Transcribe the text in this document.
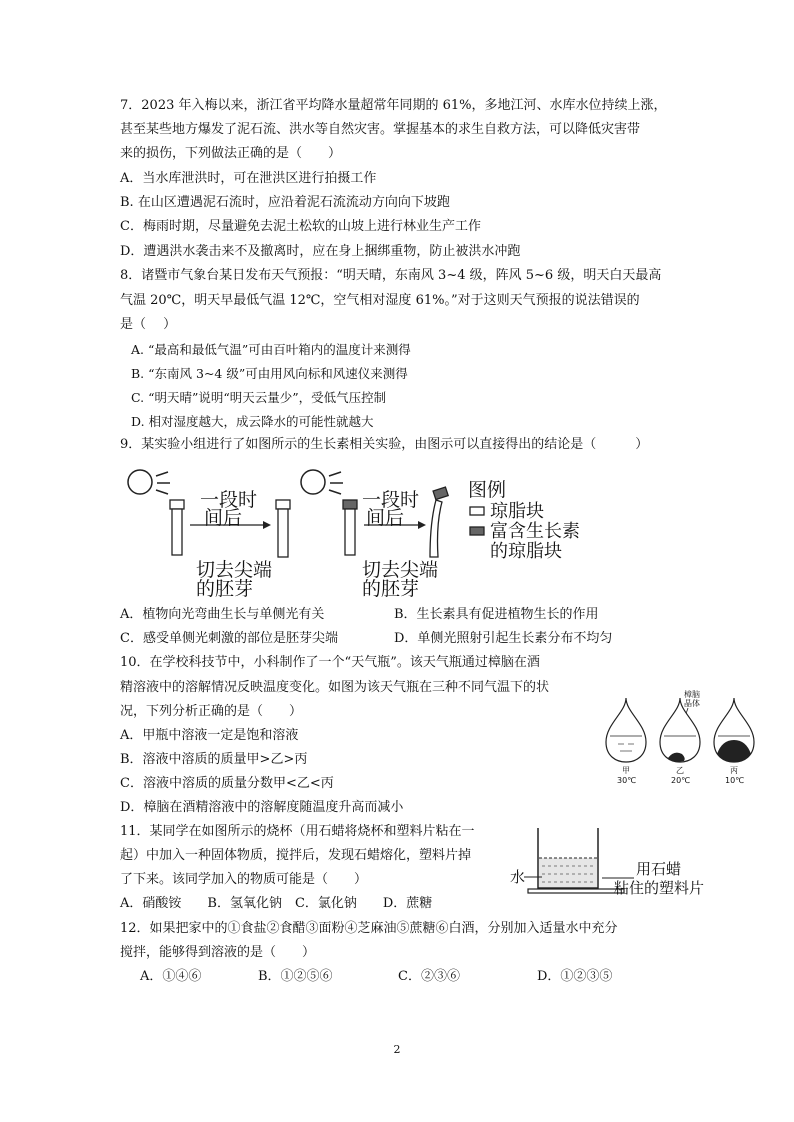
7．2023 年入梅以来，浙江省平均降水量超常年同期的 61%，多地江河、水库水位持续上涨，
甚至某些地方爆发了泥石流、洪水等自然灾害。掌握基本的求生自救方法，可以降低灾害带
来的损伤，下列做法正确的是（　　）
A．当水库泄洪时，可在泄洪区进行拍摄工作
B. 在山区遭遇泥石流时，应沿着泥石流流动方向向下坡跑
C．梅雨时期，尽量避免去泥土松软的山坡上进行林业生产工作
D．遭遇洪水袭击来不及撤离时，应在身上捆绑重物，防止被洪水冲跑
8．诸暨市气象台某日发布天气预报：“明天晴，东南风 3~4 级，阵风 5~6 级，明天白天最高
气温 20℃，明天早最低气温 12℃，空气相对湿度 61%。”对于这则天气预报的说法错误的
是（　 ）
A. “最高和最低气温”可由百叶箱内的温度计来测得
B. “东南风 3~4 级”可由用风向标和风速仪来测得
C. “明天晴”说明“明天云量少”，受低气压控制
D. 相对湿度越大，成云降水的可能性就越大
9．某实验小组进行了如图所示的生长素相关实验，由图示可以直接得出的结论是（　　　）
一段时
间后
一段时
间后
切去尖端
的胚芽
切去尖端
的胚芽
图例
琼脂块
富含生长素
的琼脂块
A．植物向光弯曲生长与单侧光有关	B．生长素具有促进植物生长的作用
C．感受单侧光刺激的部位是胚芽尖端	D．单侧光照射引起生长素分布不均匀
10．在学校科技节中，小科制作了一个“天气瓶”。该天气瓶通过樟脑在酒
精溶液中的溶解情况反映温度变化。如图为该天气瓶在三种不同气温下的状
况，下列分析正确的是（　　）
A．甲瓶中溶液一定是饱和溶液
B．溶液中溶质的质量甲>乙>丙
C．溶液中溶质的质量分数甲<乙<丙
D．樟脑在酒精溶液中的溶解度随温度升高而减小
樟脑
晶体
甲
30℃
乙
20℃
丙
10℃
11．某同学在如图所示的烧杯（用石蜡将烧杯和塑料片粘在一
起）中加入一种固体物质，搅拌后，发现石蜡熔化，塑料片掉
了下来。该同学加入的物质可能是（　　）
A．硝酸铵　　B．氢氧化钠　C．氯化钠　　D．蔗糖
水	用石蜡
粘住的塑料片
12．如果把家中的①食盐②食醋③面粉④芝麻油⑤蔗糖⑥白酒，分别加入适量水中充分
搅拌，能够得到溶液的是（　　）
A．①④⑥	B．①②⑤⑥	C．②③⑥	D．①②③⑤
2
